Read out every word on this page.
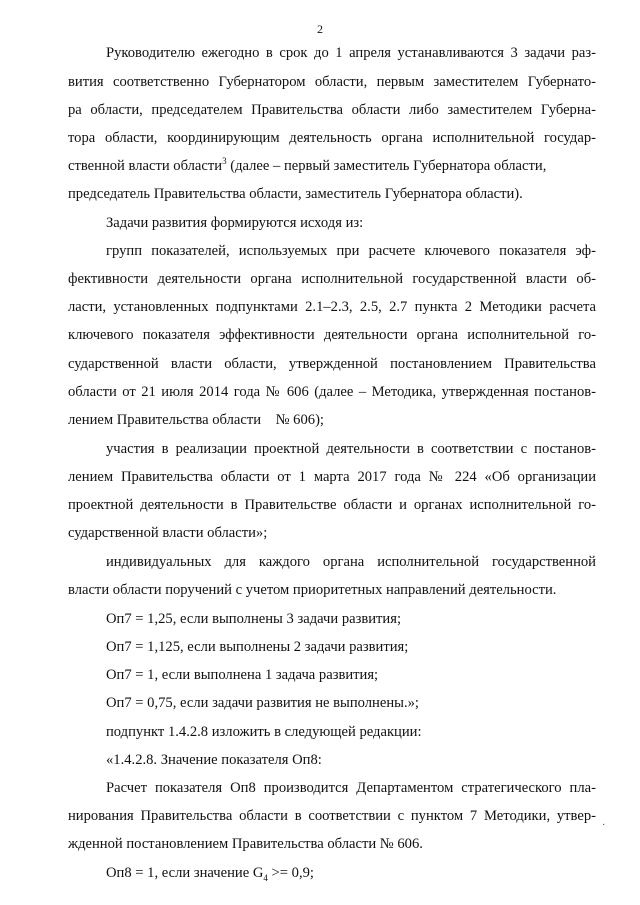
2
Руководителю ежегодно в срок до 1 апреля устанавливаются 3 задачи раз-
вития соответственно Губернатором области, первым заместителем Губернато-
ра области, председателем Правительства области либо заместителем Губерна-
тора области, координирующим деятельность органа исполнительной государ-
ственной власти области$^3$ (далее – первый заместитель Губернатора области,
председатель Правительства области, заместитель Губернатора области).
Задачи развития формируются исходя из:
групп показателей, используемых при расчете ключевого показателя эф-
фективности деятельности органа исполнительной государственной власти об-
ласти, установленных подпунктами 2.1–2.3, 2.5, 2.7 пункта 2 Методики расчета
ключевого показателя эффективности деятельности органа исполнительной го-
сударственной власти области, утвержденной постановлением Правительства
области от 21 июля 2014 года № 606 (далее – Методика, утвержденная постанов-
лением Правительства области    № 606);
участия в реализации проектной деятельности в соответствии с постанов-
лением Правительства области от 1 марта 2017 года № 224 «Об организации
проектной деятельности в Правительстве области и органах исполнительной го-
сударственной власти области»;
индивидуальных для каждого органа исполнительной государственной
власти области поручений с учетом приоритетных направлений деятельности.
Оп7 = 1,25, если выполнены 3 задачи развития;
Оп7 = 1,125, если выполнены 2 задачи развития;
Оп7 = 1, если выполнена 1 задача развития;
Оп7 = 0,75, если задачи развития не выполнены.»;
подпункт 1.4.2.8 изложить в следующей редакции:
«1.4.2.8. Значение показателя Оп8:
Расчет показателя Оп8 производится Департаментом стратегического пла-
нирования Правительства области в соответствии с пунктом 7 Методики, утвер-
жденной постановлением Правительства области № 606.
Оп8 = 1, если значение $G_4 >= 0,9$;
·
